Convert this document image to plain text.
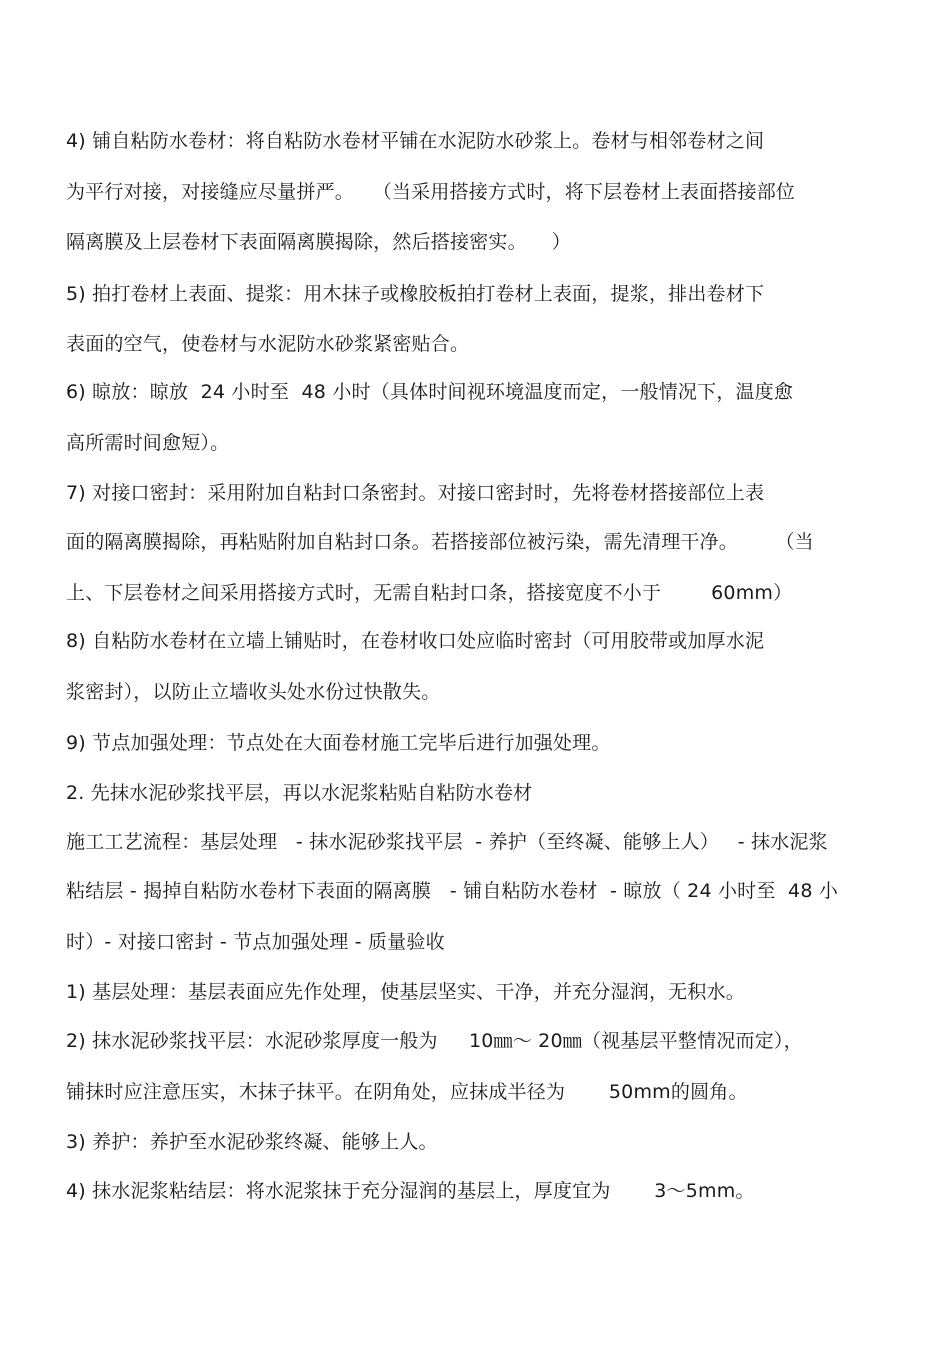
4) 铺自粘防水卷材：将自粘防水卷材平铺在水泥防水砂浆上。卷材与相邻卷材之间
为平行对接，对接缝应尽量拼严。   （当采用搭接方式时，将下层卷材上表面搭接部位
隔离膜及上层卷材下表面隔离膜揭除，然后搭接密实。    ）
5) 拍打卷材上表面、提浆：用木抹子或橡胶板拍打卷材上表面，提浆，排出卷材下
表面的空气，使卷材与水泥防水砂浆紧密贴合。
6) 晾放：晾放  24 小时至  48 小时（具体时间视环境温度而定，一般情况下，温度愈
高所需时间愈短）。
7) 对接口密封：采用附加自粘封口条密封。对接口密封时，先将卷材搭接部位上表
面的隔离膜揭除，再粘贴附加自粘封口条。若搭接部位被污染，需先清理干净。      （当
上、下层卷材之间采用搭接方式时，无需自粘封口条，搭接宽度不小于        60mm）
8) 自粘防水卷材在立墙上铺贴时，在卷材收口处应临时密封（可用胶带或加厚水泥
浆密封），以防止立墙收头处水份过快散失。
9) 节点加强处理：节点处在大面卷材施工完毕后进行加强处理。
2. 先抹水泥砂浆找平层，再以水泥浆粘贴自粘防水卷材
施工工艺流程：基层处理   - 抹水泥砂浆找平层  - 养护（至终凝、能够上人）   - 抹水泥浆
粘结层 - 揭掉自粘防水卷材下表面的隔离膜   - 铺自粘防水卷材  - 晾放（ 24 小时至  48 小
时）- 对接口密封 - 节点加强处理 - 质量验收
1) 基层处理：基层表面应先作处理，使基层坚实、干净，并充分湿润，无积水。
2) 抹水泥砂浆找平层：水泥砂浆厚度一般为     10㎜～ 20㎜（视基层平整情况而定），
铺抹时应注意压实，木抹子抹平。在阴角处，应抹成半径为       50mm的圆角。
3) 养护：养护至水泥砂浆终凝、能够上人。
4) 抹水泥浆粘结层：将水泥浆抹于充分湿润的基层上，厚度宜为       3～5mm。
